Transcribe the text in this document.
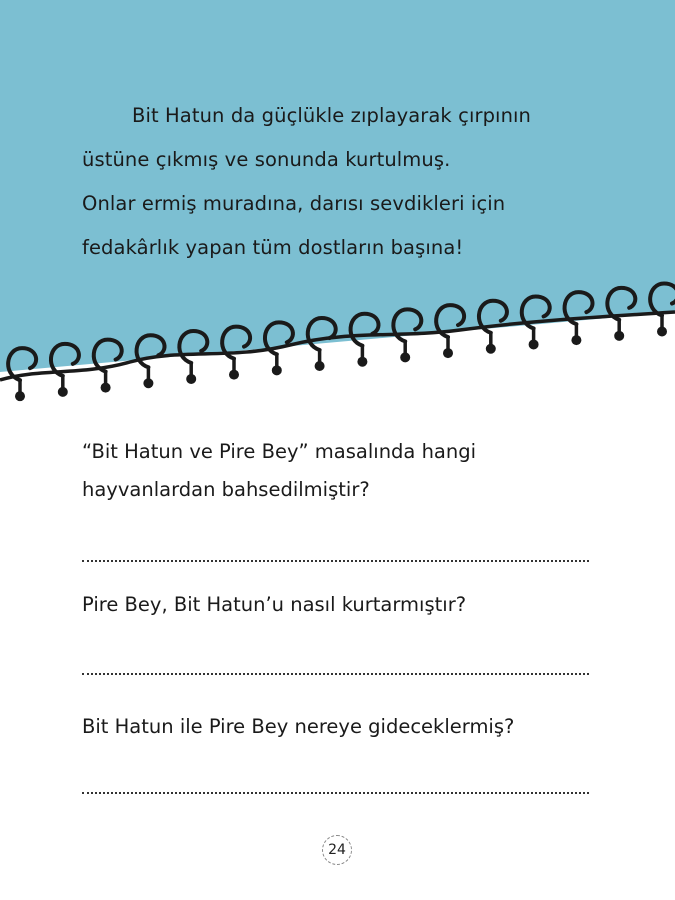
Bit Hatun da güçlükle zıplayarak çırpının

üstüne çıkmış ve sonunda kurtulmuş.

Onlar ermiş muradına, darısı sevdikleri için

fedakârlık yapan tüm dostların başına!

“Bit Hatun ve Pire Bey” masalında hangi
hayvanlardan bahsedilmiştir?
Pire Bey, Bit Hatun’u nasıl kurtarmıştır?
Bit Hatun ile Pire Bey nereye gideceklermiş?
24
